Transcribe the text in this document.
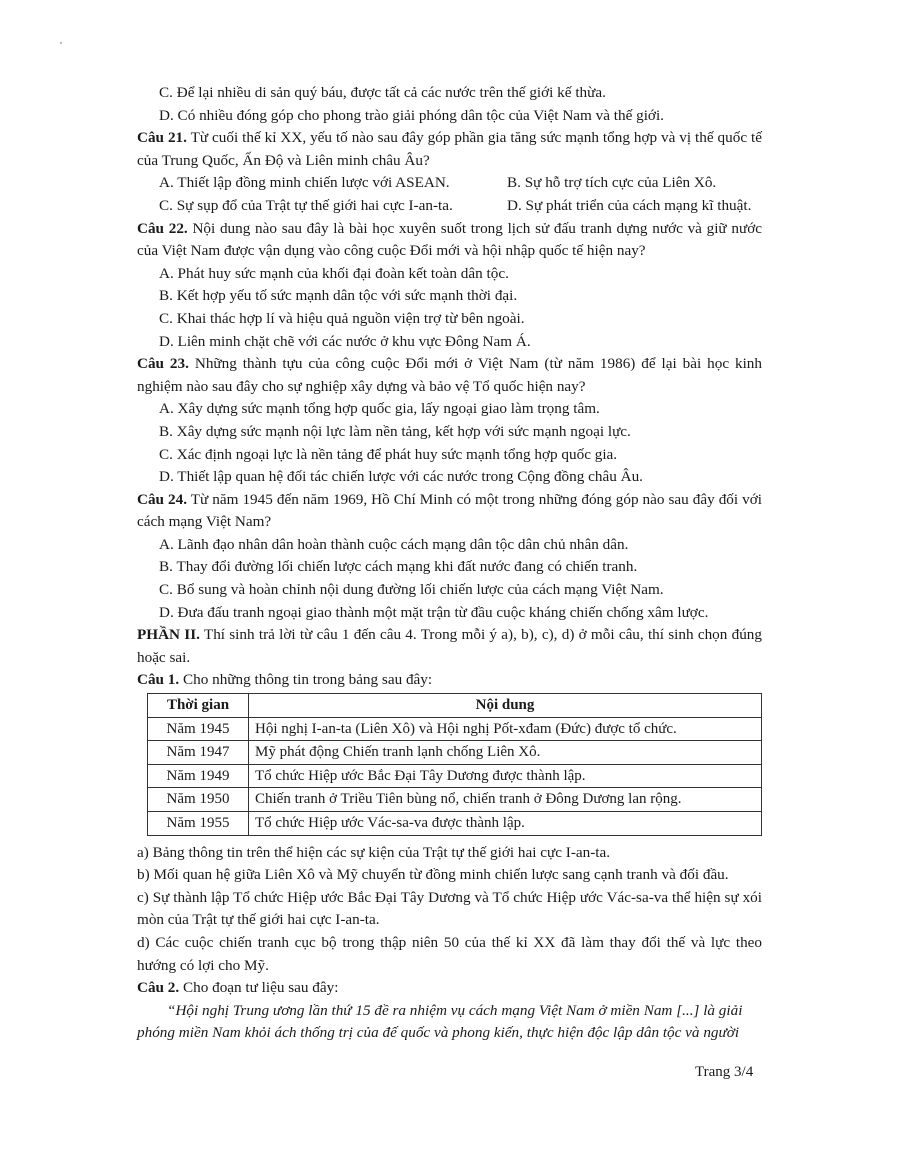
C. Để lại nhiều di sản quý báu, được tất cả các nước trên thế giới kế thừa.

D. Có nhiều đóng góp cho phong trào giải phóng dân tộc của Việt Nam và thế giới.

Câu 21. Từ cuối thế kỉ XX, yếu tố nào sau đây góp phần gia tăng sức mạnh tổng hợp và vị thế quốc tế của Trung Quốc, Ấn Độ và Liên minh châu Âu?

A. Thiết lập đồng minh chiến lược với ASEAN.	B. Sự hỗ trợ tích cực của Liên Xô.
C. Sự sụp đổ của Trật tự thế giới hai cực I-an-ta.	D. Sự phát triển của cách mạng kĩ thuật.

Câu 22. Nội dung nào sau đây là bài học xuyên suốt trong lịch sử đấu tranh dựng nước và giữ nước của Việt Nam được vận dụng vào công cuộc Đổi mới và hội nhập quốc tế hiện nay?

A. Phát huy sức mạnh của khối đại đoàn kết toàn dân tộc.

B. Kết hợp yếu tố sức mạnh dân tộc với sức mạnh thời đại.

C. Khai thác hợp lí và hiệu quả nguồn viện trợ từ bên ngoài.

D. Liên minh chặt chẽ với các nước ở khu vực Đông Nam Á.

Câu 23. Những thành tựu của công cuộc Đổi mới ở Việt Nam (từ năm 1986) để lại bài học kinh nghiệm nào sau đây cho sự nghiệp xây dựng và bảo vệ Tổ quốc hiện nay?

A. Xây dựng sức mạnh tổng hợp quốc gia, lấy ngoại giao làm trọng tâm.

B. Xây dựng sức mạnh nội lực làm nền tảng, kết hợp với sức mạnh ngoại lực.

C. Xác định ngoại lực là nền tảng để phát huy sức mạnh tổng hợp quốc gia.

D. Thiết lập quan hệ đối tác chiến lược với các nước trong Cộng đồng châu Âu.

Câu 24. Từ năm 1945 đến năm 1969, Hồ Chí Minh có một trong những đóng góp nào sau đây đối với cách mạng Việt Nam?

A. Lãnh đạo nhân dân hoàn thành cuộc cách mạng dân tộc dân chủ nhân dân.

B. Thay đổi đường lối chiến lược cách mạng khi đất nước đang có chiến tranh.

C. Bổ sung và hoàn chỉnh nội dung đường lối chiến lược của cách mạng Việt Nam.

D. Đưa đấu tranh ngoại giao thành một mặt trận từ đầu cuộc kháng chiến chống xâm lược.

PHẦN II. Thí sinh trả lời từ câu 1 đến câu 4. Trong mỗi ý a), b), c), d) ở mỗi câu, thí sinh chọn đúng hoặc sai.

Câu 1. Cho những thông tin trong bảng sau đây:

Thời gian	Nội dung
Năm 1945	Hội nghị I-an-ta (Liên Xô) và Hội nghị Pốt-xđam (Đức) được tổ chức.
Năm 1947	Mỹ phát động Chiến tranh lạnh chống Liên Xô.
Năm 1949	Tổ chức Hiệp ước Bắc Đại Tây Dương được thành lập.
Năm 1950	Chiến tranh ở Triều Tiên bùng nổ, chiến tranh ở Đông Dương lan rộng.
Năm 1955	Tổ chức Hiệp ước Vác-sa-va được thành lập.

a) Bảng thông tin trên thể hiện các sự kiện của Trật tự thế giới hai cực I-an-ta.

b) Mối quan hệ giữa Liên Xô và Mỹ chuyển từ đồng minh chiến lược sang cạnh tranh và đối đầu.

c) Sự thành lập Tổ chức Hiệp ước Bắc Đại Tây Dương và Tổ chức Hiệp ước Vác-sa-va thể hiện sự xói mòn của Trật tự thế giới hai cực I-an-ta.

d) Các cuộc chiến tranh cục bộ trong thập niên 50 của thế kỉ XX đã làm thay đổi thế và lực theo hướng có lợi cho Mỹ.

Câu 2. Cho đoạn tư liệu sau đây:

“Hội nghị Trung ương lần thứ 15 đề ra nhiệm vụ cách mạng Việt Nam ở miền Nam [...] là giải

phóng miền Nam khỏi ách thống trị của đế quốc và phong kiến, thực hiện độc lập dân tộc và người

Trang 3/4
